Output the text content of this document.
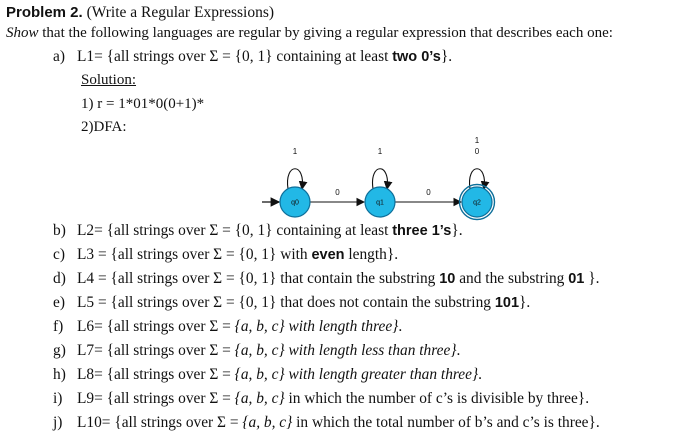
Problem 2. (Write a Regular Expressions)
Show that the following languages are regular by giving a regular expression that describes each one:
a) L1= {all strings over Σ = {0, 1} containing at least two 0’s}.
Solution:
1) r = 1*01*0(0+1)*
2)DFA:
1
0
1
0
1
0
q0	q1	q2
b) L2= {all strings over Σ = {0, 1} containing at least three 1’s}.
c) L3 = {all strings over Σ = {0, 1} with even length}.
d) L4 = {all strings over Σ = {0, 1} that contain the substring 10 and the substring 01 }.
e) L5 = {all strings over Σ = {0, 1} that does not contain the substring 101}.
f) L6= {all strings over Σ = {a, b, c} with length three}.
g) L7= {all strings over Σ = {a, b, c} with length less than three}.
h) L8= {all strings over Σ = {a, b, c} with length greater than three}.
i) L9= {all strings over Σ = {a, b, c} in which the number of c’s is divisible by three}.
j) L10= {all strings over Σ = {a, b, c} in which the total number of b’s and c’s is three}.
